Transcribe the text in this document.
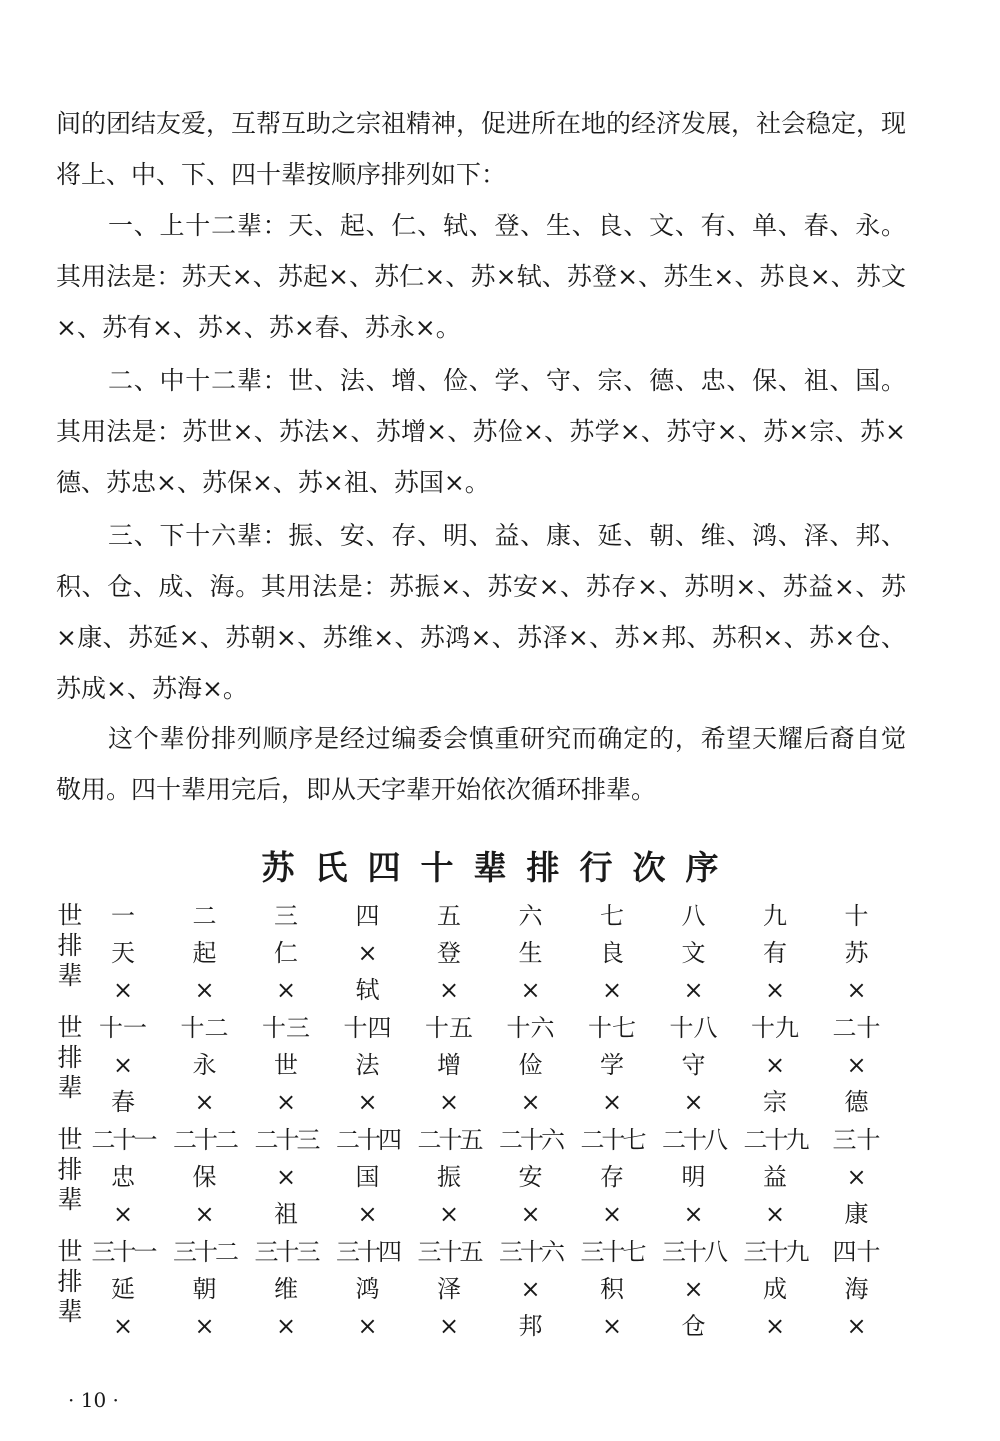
间的团结友爱，互帮互助之宗祖精神，促进所在地的经济发展，社会稳定，现将上、中、下、四十辈按顺序排列如下：

一、上十二辈：天、起、仁、轼、登、生、良、文、有、单、春、永。其用法是：苏天×、苏起×、苏仁×、苏×轼、苏登×、苏生×、苏良×、苏文×、苏有×、苏×、苏×春、苏永×。

二、中十二辈：世、法、增、俭、学、守、宗、德、忠、保、祖、国。其用法是：苏世×、苏法×、苏增×、苏俭×、苏学×、苏守×、苏×宗、苏×德、苏忠×、苏保×、苏×祖、苏国×。

三、下十六辈：振、安、存、明、益、康、延、朝、维、鸿、泽、邦、积、仓、成、海。其用法是：苏振×、苏安×、苏存×、苏明×、苏益×、苏×康、苏延×、苏朝×、苏维×、苏鸿×、苏泽×、苏×邦、苏积×、苏×仓、苏成×、苏海×。

这个辈份排列顺序是经过编委会慎重研究而确定的，希望天耀后裔自觉敬用。四十辈用完后，即从天字辈开始依次循环排辈。

苏氏四十辈排行次序
世
排
辈
一	二	三	四	五	六	七	八	九	十
天	起	仁	×	登	生	良	文	有	苏
×	×	×	轼	×	×	×	×	×	×
世
排
辈
十一	十二	十三	十四	十五	十六	十七	十八	十九	二十
×	永	世	法	增	俭	学	守	×	×
春	×	×	×	×	×	×	×	宗	德
世
排
辈
二十一 二十二 二十三 二十四 二十五 二十六 二十七 二十八 二十九	三十
忠	保	×	国	振	安	存	明	益	×
×	×	祖	×	×	×	×	×	×	康
世
排
辈
三十一 三十二 三十三 三十四 三十五 三十六 三十七 三十八 三十九	四十
延	朝	维	鸿	泽	×	积	×	成	海
×	×	×	×	×	邦	×	仓	×	×

· 10 ·
